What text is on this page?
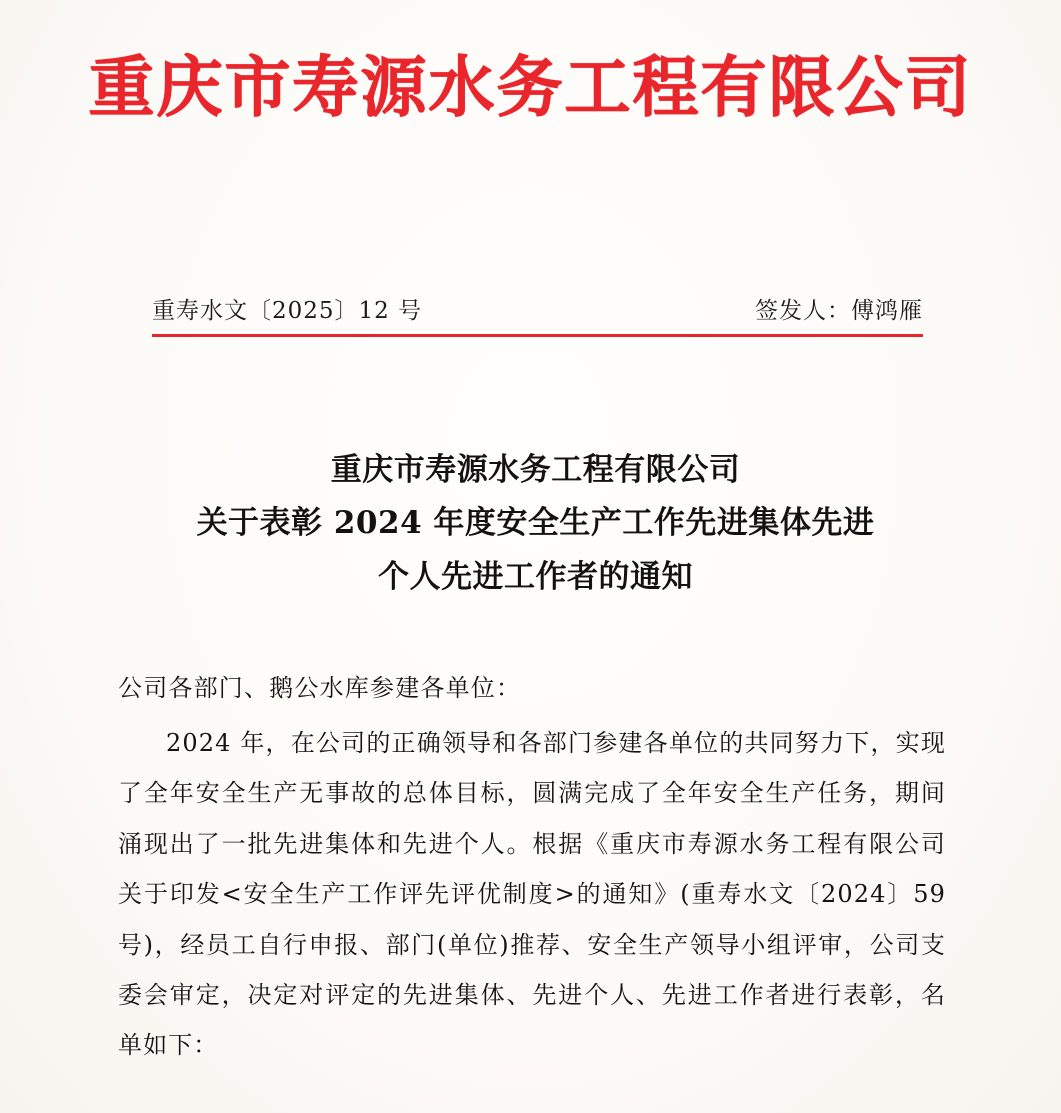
重庆市寿源水务工程有限公司
重寿水文〔2025〕12 号	签发人：傅鸿雁
重庆市寿源水务工程有限公司
关于表彰 2024 年度安全生产工作先进集体先进
个人先进工作者的通知
公司各部门、鹅公水库参建各单位：

2024 年，在公司的正确领导和各部门参建各单位的共同努力下，实现了全年安全生产无事故的总体目标，圆满完成了全年安全生产任务，期间涌现出了一批先进集体和先进个人。根据《重庆市寿源水务工程有限公司关于印发<安全生产工作评先评优制度>的通知》(重寿水文〔2024〕59 号)，经员工自行申报、部门(单位)推荐、安全生产领导小组评审，公司支委会审定，决定对评定的先进集体、先进个人、先进工作者进行表彰，名单如下：
